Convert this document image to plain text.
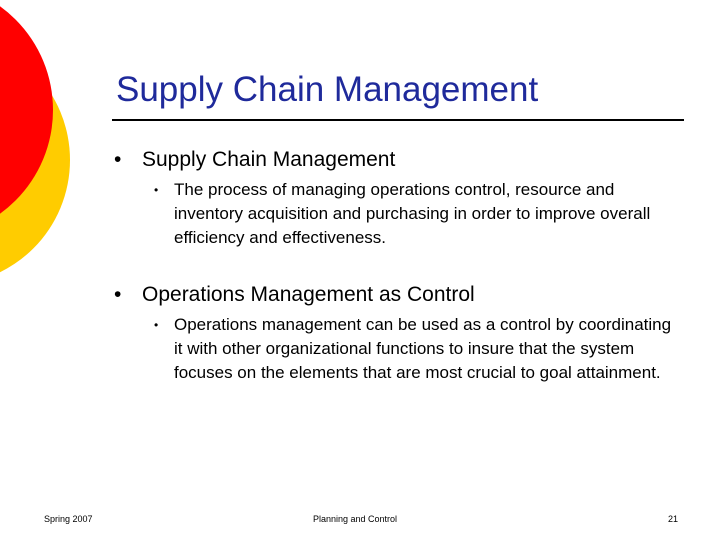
Supply Chain Management
• Supply Chain Management
• The process of managing operations control, resource and inventory acquisition and purchasing in order to improve overall efficiency and effectiveness.
• Operations Management as Control
• Operations management can be used as a control by coordinating it with other organizational functions to insure that the system focuses on the elements that are most crucial to goal attainment.
Spring 2007	Planning and Control	21
